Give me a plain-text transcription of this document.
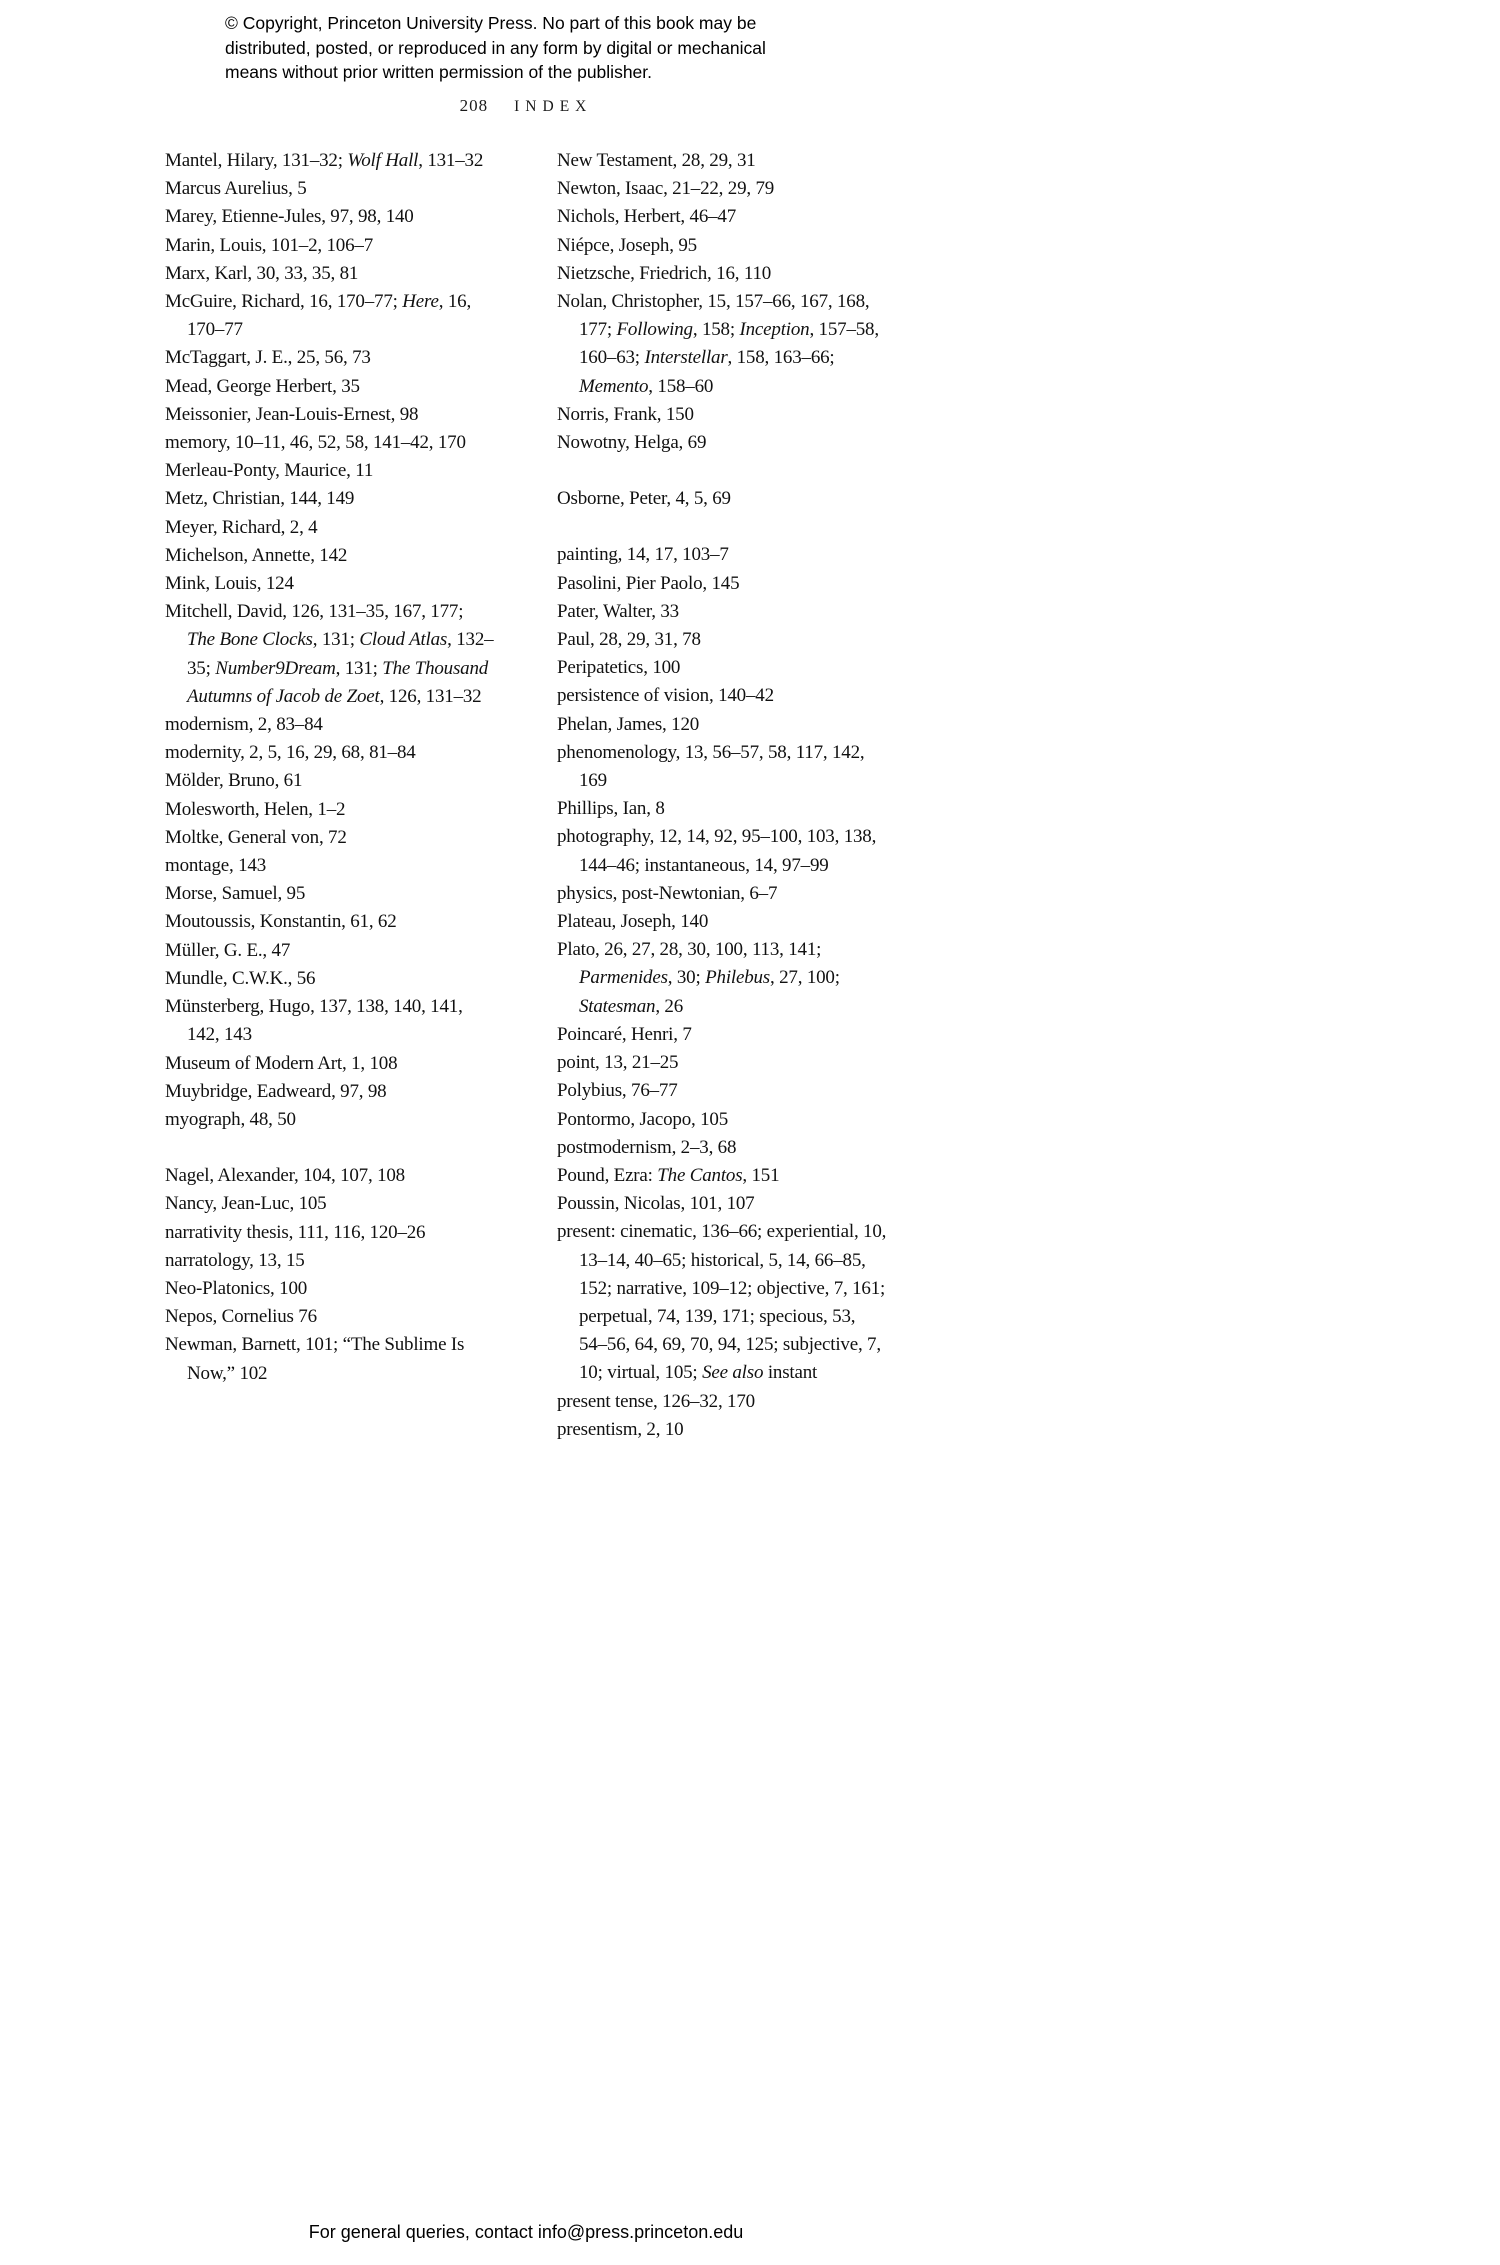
© Copyright, Princeton University Press. No part of this book may be
distributed, posted, or reproduced in any form by digital or mechanical
means without prior written permission of the publisher.
208 INDEX
Mantel, Hilary, 131–32; Wolf Hall, 131–32
Marcus Aurelius, 5
Marey, Etienne-Jules, 97, 98, 140
Marin, Louis, 101–2, 106–7
Marx, Karl, 30, 33, 35, 81
McGuire, Richard, 16, 170–77; Here, 16, 170–77
McTaggart, J. E., 25, 56, 73
Mead, George Herbert, 35
Meissonier, Jean-Louis-Ernest, 98
memory, 10–11, 46, 52, 58, 141–42, 170
Merleau-Ponty, Maurice, 11
Metz, Christian, 144, 149
Meyer, Richard, 2, 4
Michelson, Annette, 142
Mink, Louis, 124
Mitchell, David, 126, 131–35, 167, 177; The Bone Clocks, 131; Cloud Atlas, 132–35; Number9Dream, 131; The Thousand Autumns of Jacob de Zoet, 126, 131–32
modernism, 2, 83–84
modernity, 2, 5, 16, 29, 68, 81–84
Mölder, Bruno, 61
Molesworth, Helen, 1–2
Moltke, General von, 72
montage, 143
Morse, Samuel, 95
Moutoussis, Konstantin, 61, 62
Müller, G. E., 47
Mundle, C.W.K., 56
Münsterberg, Hugo, 137, 138, 140, 141, 142, 143
Museum of Modern Art, 1, 108
Muybridge, Eadweard, 97, 98
myograph, 48, 50
Nagel, Alexander, 104, 107, 108
Nancy, Jean-Luc, 105
narrativity thesis, 111, 116, 120–26
narratology, 13, 15
Neo-Platonics, 100
Nepos, Cornelius 76
Newman, Barnett, 101; “The Sublime Is Now,” 102
New Testament, 28, 29, 31
Newton, Isaac, 21–22, 29, 79
Nichols, Herbert, 46–47
Niépce, Joseph, 95
Nietzsche, Friedrich, 16, 110
Nolan, Christopher, 15, 157–66, 167, 168, 177; Following, 158; Inception, 157–58, 160–63; Interstellar, 158, 163–66; Memento, 158–60
Norris, Frank, 150
Nowotny, Helga, 69
Osborne, Peter, 4, 5, 69
painting, 14, 17, 103–7
Pasolini, Pier Paolo, 145
Pater, Walter, 33
Paul, 28, 29, 31, 78
Peripatetics, 100
persistence of vision, 140–42
Phelan, James, 120
phenomenology, 13, 56–57, 58, 117, 142, 169
Phillips, Ian, 8
photography, 12, 14, 92, 95–100, 103, 138, 144–46; instantaneous, 14, 97–99
physics, post-Newtonian, 6–7
Plateau, Joseph, 140
Plato, 26, 27, 28, 30, 100, 113, 141; Parmenides, 30; Philebus, 27, 100; Statesman, 26
Poincaré, Henri, 7
point, 13, 21–25
Polybius, 76–77
Pontormo, Jacopo, 105
postmodernism, 2–3, 68
Pound, Ezra: The Cantos, 151
Poussin, Nicolas, 101, 107
present: cinematic, 136–66; experiential, 10, 13–14, 40–65; historical, 5, 14, 66–85, 152; narrative, 109–12; objective, 7, 161; perpetual, 74, 139, 171; specious, 53, 54–56, 64, 69, 70, 94, 125; subjective, 7, 10; virtual, 105; See also instant
present tense, 126–32, 170
presentism, 2, 10
For general queries, contact info@press.princeton.edu
